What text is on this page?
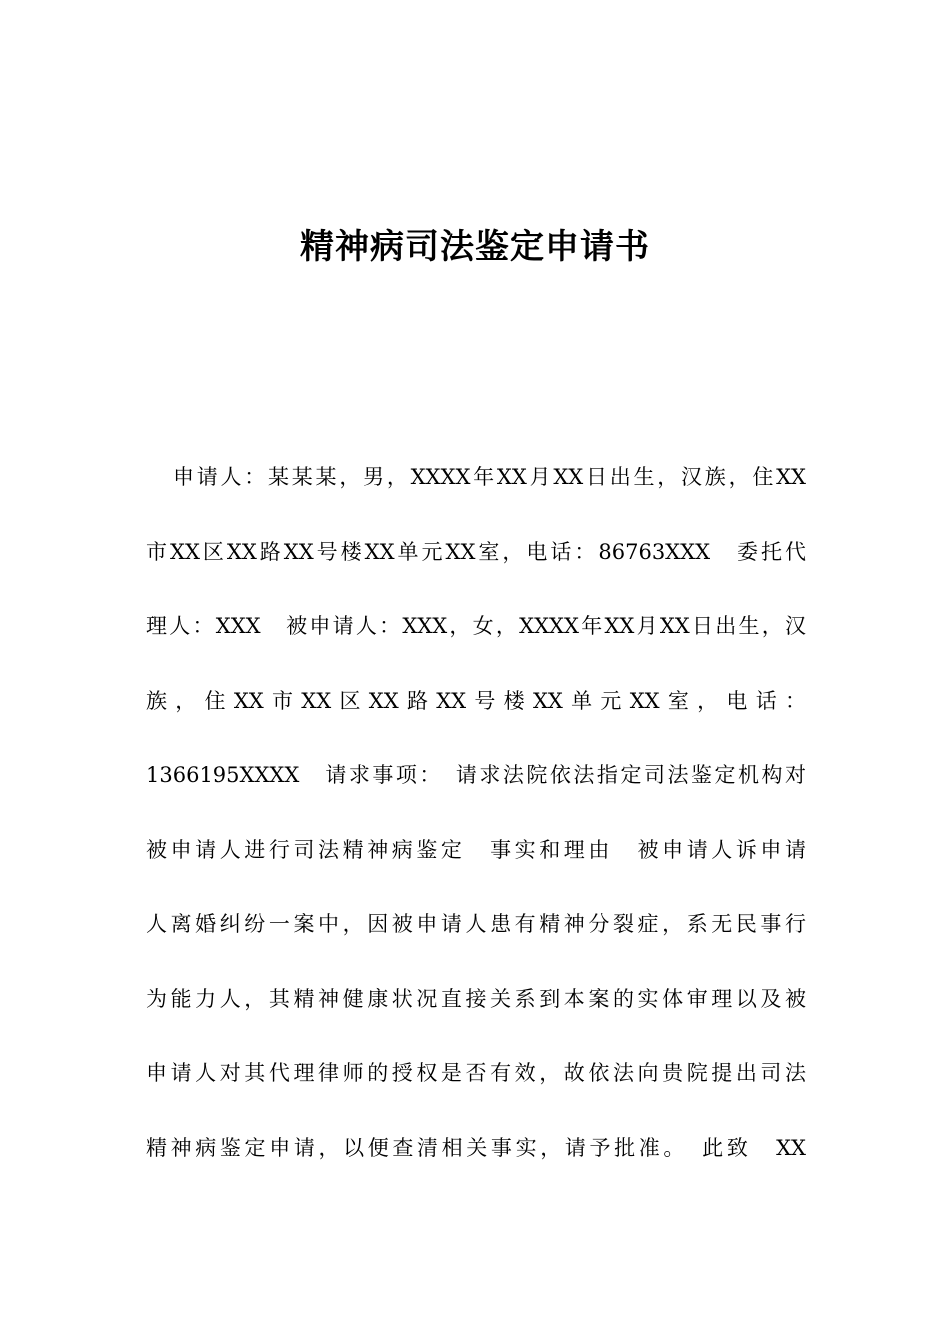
精神病司法鉴定申请书
申请人：某某某，男，XXXX年XX月XX日出生，汉族，住XX
市XX区XX路XX号楼XX单元XX室，电话：86763XXX　委托代
理人：XXX　被申请人：XXX，女，XXXX年XX月XX日出生，汉
族，住XX市XX区XX路XX号楼XX单元XX室，电话：
1366195XXXX　请求事项：　请求法院依法指定司法鉴定机构对
被申请人进行司法精神病鉴定　事实和理由　被申请人诉申请
人离婚纠纷一案中，因被申请人患有精神分裂症，系无民事行
为能力人，其精神健康状况直接关系到本案的实体审理以及被
申请人对其代理律师的授权是否有效，故依法向贵院提出司法
精神病鉴定申请，以便查清相关事实，请予批准。　此致　XX
